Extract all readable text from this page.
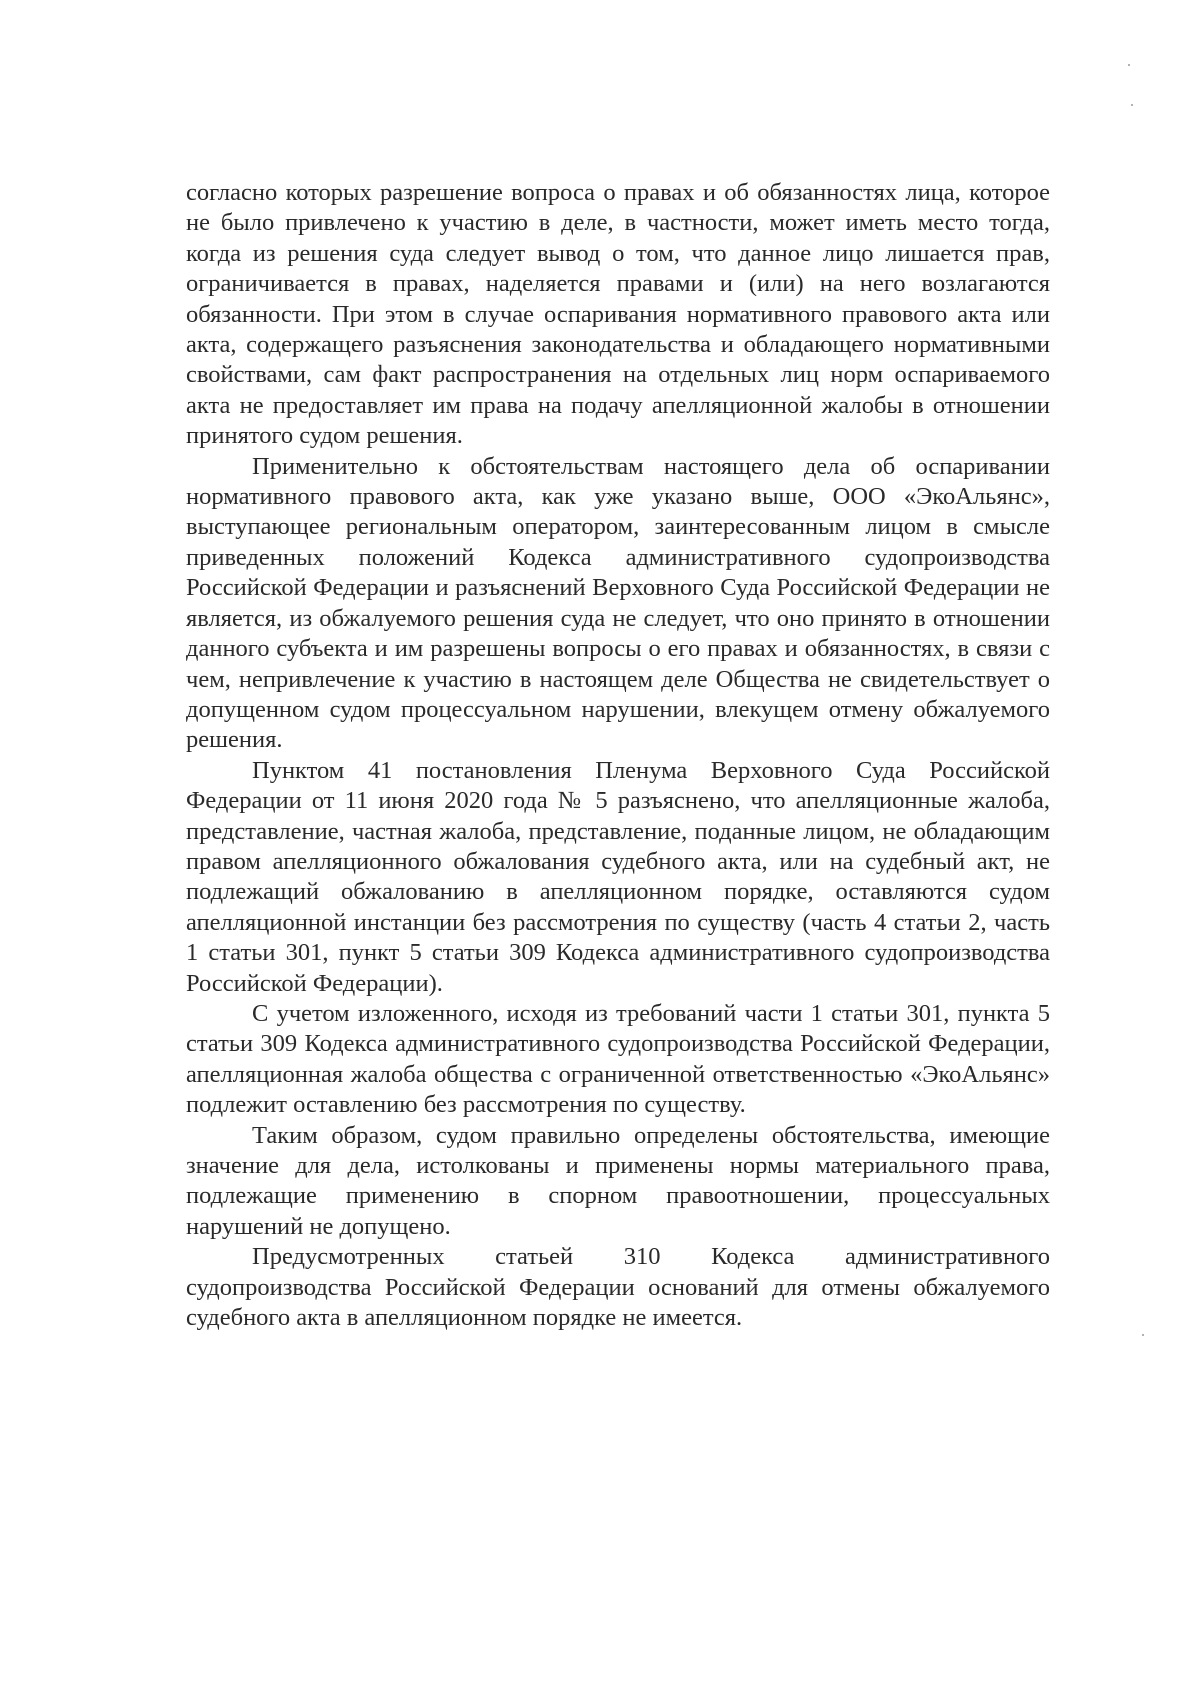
согласно которых разрешение вопроса о правах и об обязанностях лица, которое не было привлечено к участию в деле, в частности, может иметь место тогда, когда из решения суда следует вывод о том, что данное лицо лишается прав, ограничивается в правах, наделяется правами и (или) на него возлагаются обязанности. При этом в случае оспаривания нормативного правового акта или акта, содержащего разъяснения законодательства и обладающего нормативными свойствами, сам факт распространения на отдельных лиц норм оспариваемого акта не предоставляет им права на подачу апелляционной жалобы в отношении принятого судом решения.

Применительно к обстоятельствам настоящего дела об оспаривании нормативного правового акта, как уже указано выше, ООО «ЭкоАльянс», выступающее региональным оператором, заинтересованным лицом в смысле приведенных положений Кодекса административного судопроизводства Российской Федерации и разъяснений Верховного Суда Российской Федерации не является, из обжалуемого решения суда не следует, что оно принято в отношении данного субъекта и им разрешены вопросы о его правах и обязанностях, в связи с чем, непривлечение к участию в настоящем деле Общества не свидетельствует о допущенном судом процессуальном нарушении, влекущем отмену обжалуемого решения.

Пунктом 41 постановления Пленума Верховного Суда Российской Федерации от 11 июня 2020 года № 5 разъяснено, что апелляционные жалоба, представление, частная жалоба, представление, поданные лицом, не обладающим правом апелляционного обжалования судебного акта, или на судебный акт, не подлежащий обжалованию в апелляционном порядке, оставляются судом апелляционной инстанции без рассмотрения по существу (часть 4 статьи 2, часть 1 статьи 301, пункт 5 статьи 309 Кодекса административного судопроизводства Российской Федерации).

С учетом изложенного, исходя из требований части 1 статьи 301, пункта 5 статьи 309 Кодекса административного судопроизводства Российской Федерации, апелляционная жалоба общества с ограниченной ответственностью «ЭкоАльянс» подлежит оставлению без рассмотрения по существу.

Таким образом, судом правильно определены обстоятельства, имеющие значение для дела, истолкованы и применены нормы материального права, подлежащие применению в спорном правоотношении, процессуальных нарушений не допущено.

Предусмотренных статьей 310 Кодекса административного судопроизводства Российской Федерации оснований для отмены обжалуемого судебного акта в апелляционном порядке не имеется.
